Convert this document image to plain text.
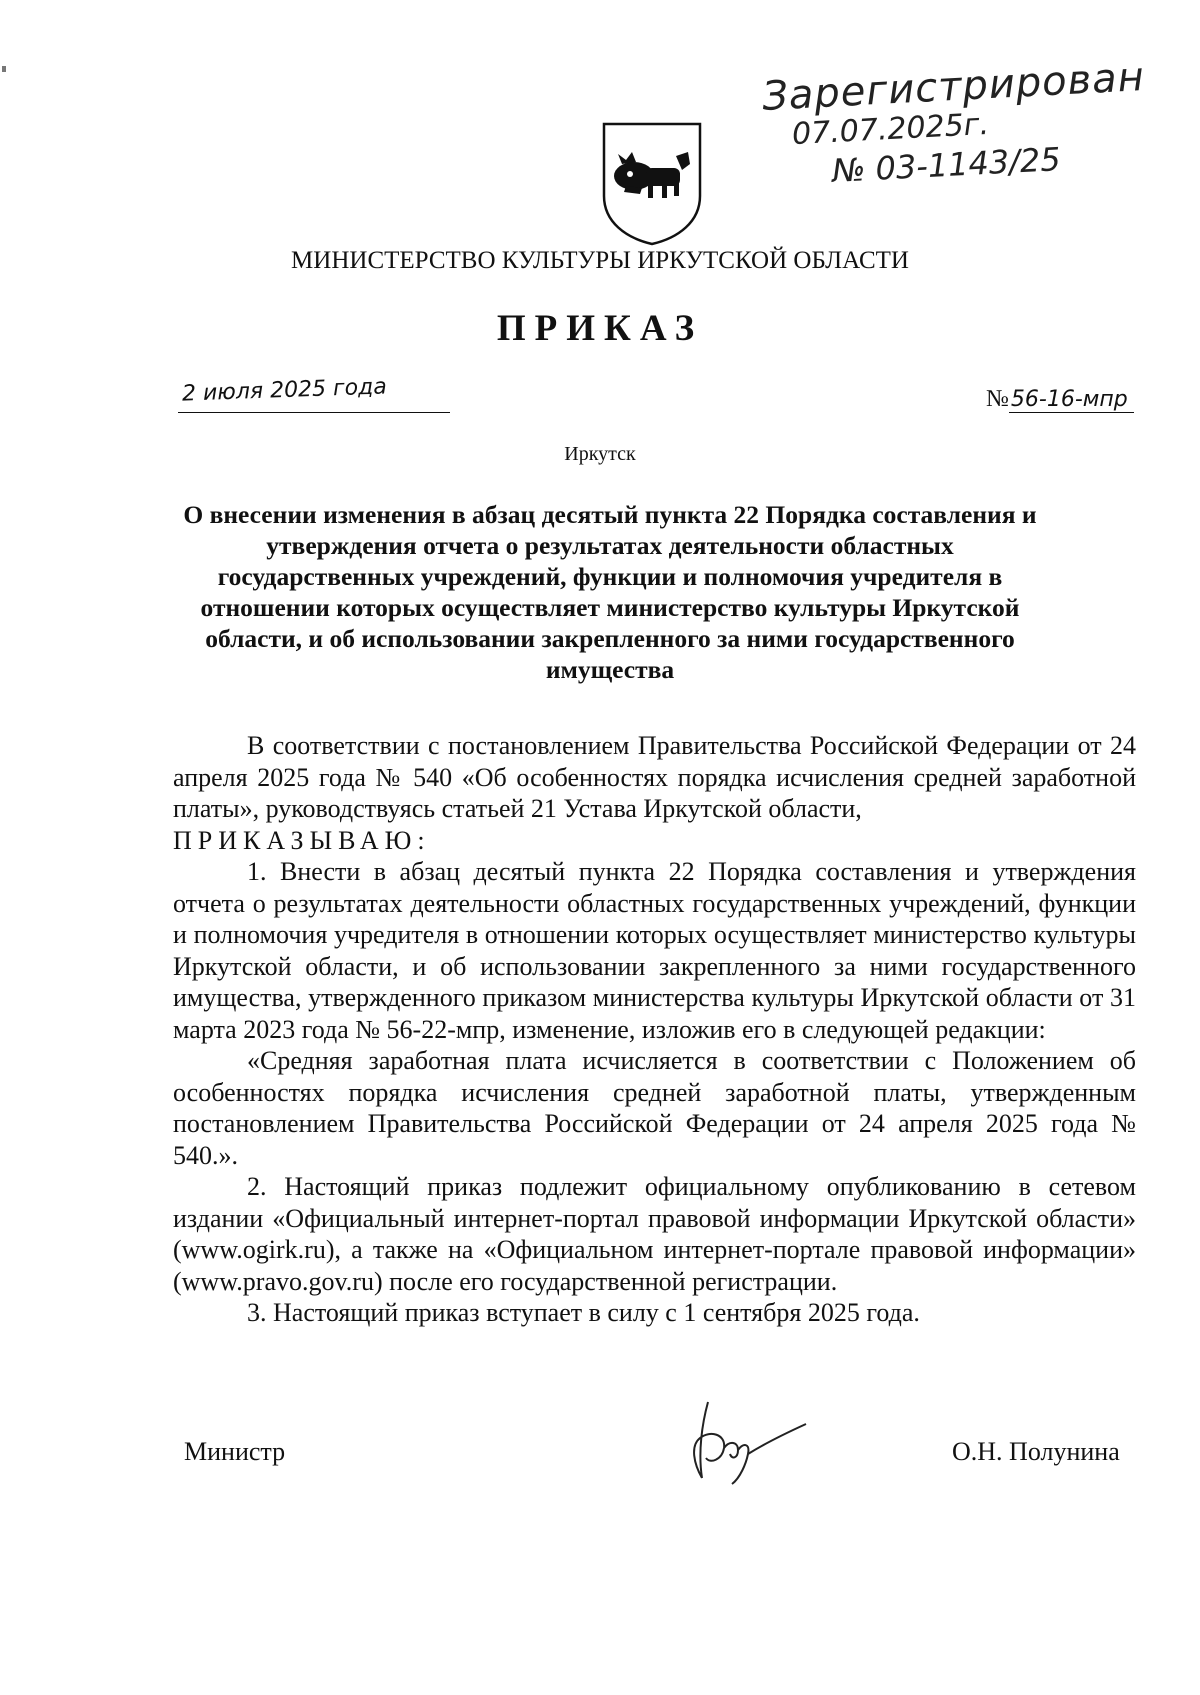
Зарегистрирован
07.07.2025г.
№ 03-1143/25
МИНИСТЕРСТВО КУЛЬТУРЫ ИРКУТСКОЙ ОБЛАСТИ
ПРИКАЗ
2 июля 2025 года	№56-16-мпр
Иркутск
О внесении изменения в абзац десятый пункта 22 Порядка составления и утверждения отчета о результатах деятельности областных государственных учреждений, функции и полномочия учредителя в отношении которых осуществляет министерство культуры Иркутской области, и об использовании закрепленного за ними государственного имущества

В соответствии с постановлением Правительства Российской Федерации от 24 апреля 2025 года № 540 «Об особенностях порядка исчисления средней заработной платы», руководствуясь статьей 21 Устава Иркутской области,

ПРИКАЗЫВАЮ:

1. Внести в абзац десятый пункта 22 Порядка составления и утверждения отчета о результатах деятельности областных государственных учреждений, функции и полномочия учредителя в отношении которых осуществляет министерство культуры Иркутской области, и об использовании закрепленного за ними государственного имущества, утвержденного приказом министерства культуры Иркутской области от 31 марта 2023 года № 56-22-мпр, изменение, изложив его в следующей редакции:

«Средняя заработная плата исчисляется в соответствии с Положением об особенностях порядка исчисления средней заработной платы, утвержденным постановлением Правительства Российской Федерации от 24 апреля 2025 года № 540.».

2. Настоящий приказ подлежит официальному опубликованию в сетевом издании «Официальный интернет-портал правовой информации Иркутской области» (www.ogirk.ru), а также на «Официальном интернет-портале правовой информации» (www.pravo.gov.ru) после его государственной регистрации.

3. Настоящий приказ вступает в силу с 1 сентября 2025 года.

Министр	О.Н. Полунина
